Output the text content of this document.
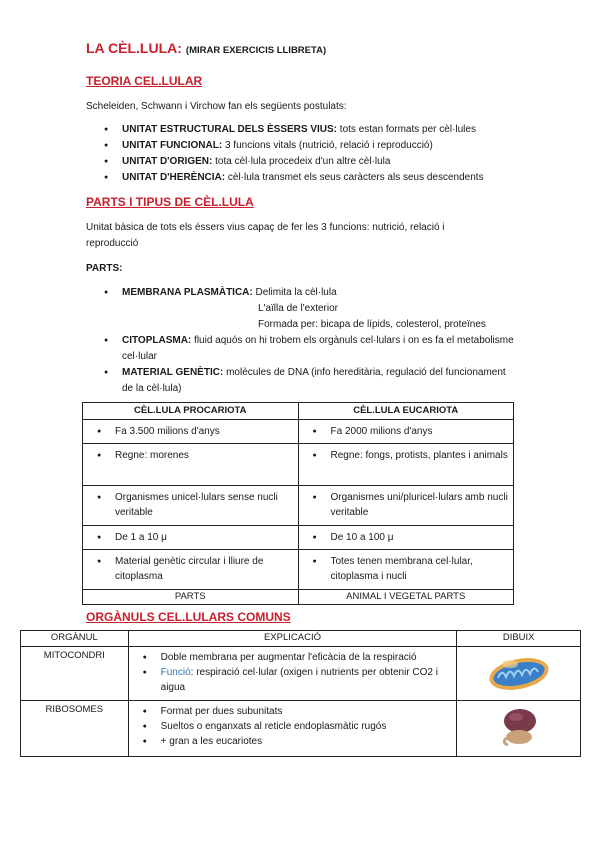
LA CÈL.LULA: (MIRAR EXERCICIS LLIBRETA)
TEORIA CEL.LULAR
Scheleiden, Schwann i Virchow fan els següents postulats:
● UNITAT ESTRUCTURAL DELS ÈSSERS VIUS: tots estan formats per cèl·lules
● UNITAT FUNCIONAL: 3 funcions vitals (nutrició, relació i reproducció)
● UNITAT D'ORIGEN: tota cèl·lula procedeix d'un altre cèl·lula
● UNITAT D'HERÈNCIA: cèl·lula transmet els seus caràcters als seus descendents
PARTS I TIPUS DE CÈL.LULA
Unitat bàsica de tots els éssers vius capaç de fer les 3 funcions: nutrició, relació i reproducció
PARTS:
● MEMBRANA PLASMÀTICA: Delimita la cèl·lula
L'aïlla de l'exterior
Formada per: bicapa de lípids, colesterol, proteïnes
● CITOPLASMA: fluid aquós on hi trobem els orgànuls cel·lulars i on es fa el metabolisme cel·lular
● MATERIAL GENÈTIC: molècules de DNA (info hereditària, regulació del funcionament de la cèl·lula)
CÈL.LULA PROCARIOTA	CÈL.LULA EUCARIOTA

● Fa 3.500 milions d'anys	● Fa 2000 milions d'anys

● Regne: morenes	● Regne: fongs, protists, plantes i animals

● Organismes unicel·lulars sense nucli veritable	● Organismes uni/pluricel·lulars amb nucli veritable

● De 1 a 10 μ	● De 10 a 100 μ

● Material genètic circular i lliure de citoplasma	● Totes tenen membrana cel·lular, citoplasma i nucli

PARTS	ANIMAL I VEGETAL PARTS
ORGÀNULS CEL.LULARS COMUNS
ORGÀNUL	EXPLICACIÓ	DIBUIX
MITOCONDRI	● Doble membrana per augmentar l'eficàcia de la respiració
● Funció: respiració cel·lular (oxigen i nutrients per obtenir CO2 i aigua

RIBOSOMES	● Format per dues subunitats
● Sueltos o enganxats al reticle endoplasmàtic rugós
● + gran a les eucariotes
